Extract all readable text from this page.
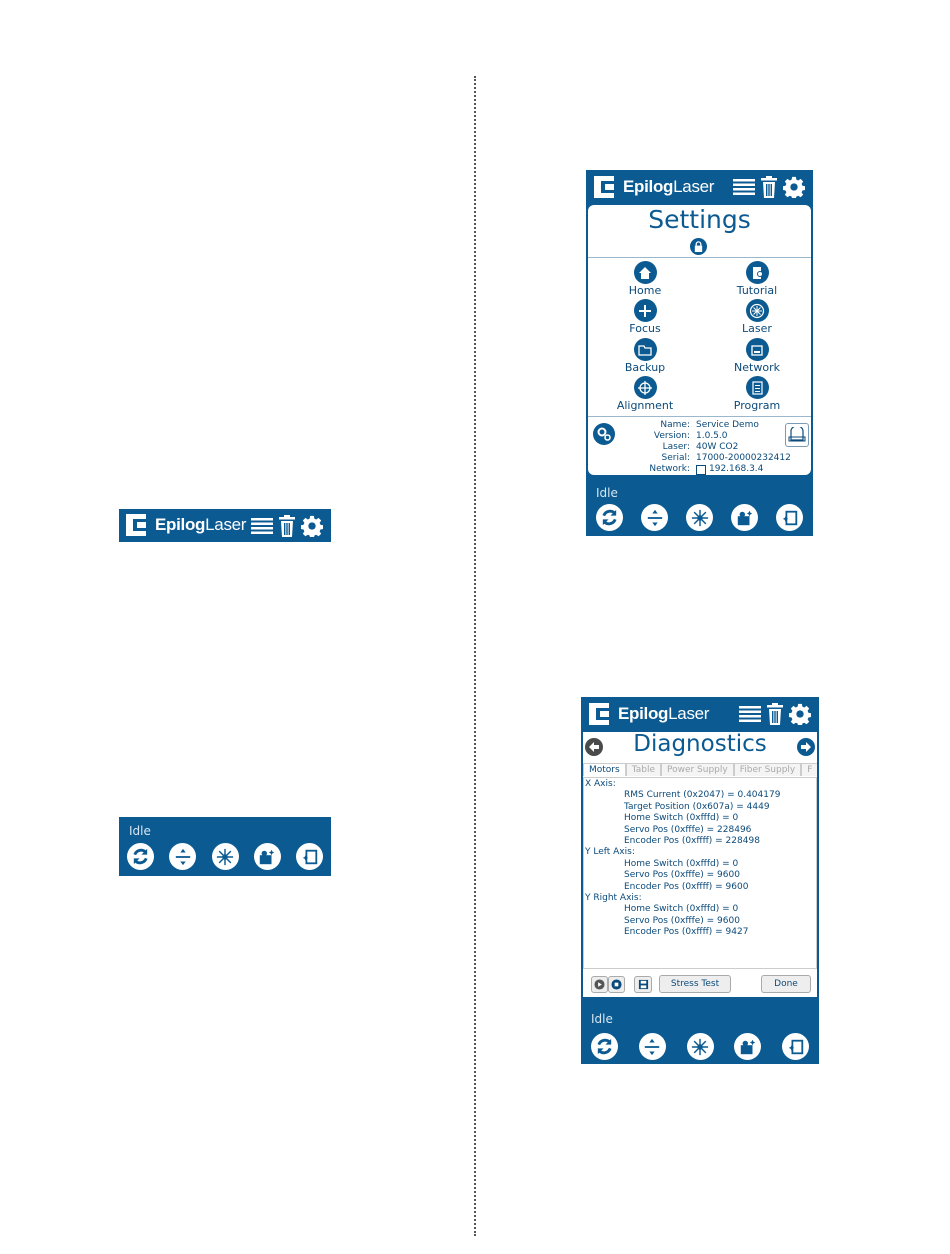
EpilogLaser
Idle
EpilogLaser
Settings
Home	Tutorial
Focus	Laser
Backup	Network
Alignment	Program
Name: Service Demo
Version: 1.0.5.0
Laser: 40W CO2
Serial: 17000-20000232412
Network:	192.168.3.4
Idle
EpilogLaser
Diagnostics
Motors	Table	Power Supply	Fiber Supply	F
X Axis:
RMS Current (0x2047) = 0.404179
Target Position (0x607a) = 4449
Home Switch (0xfffd) = 0
Servo Pos (0xfffe) = 228496
Encoder Pos (0xffff) = 228498
Y Left Axis:
Home Switch (0xfffd) = 0
Servo Pos (0xfffe) = 9600
Encoder Pos (0xffff) = 9600
Y Right Axis:
Home Switch (0xfffd) = 0
Servo Pos (0xfffe) = 9600
Encoder Pos (0xffff) = 9427
Stress Test	Done
Idle
